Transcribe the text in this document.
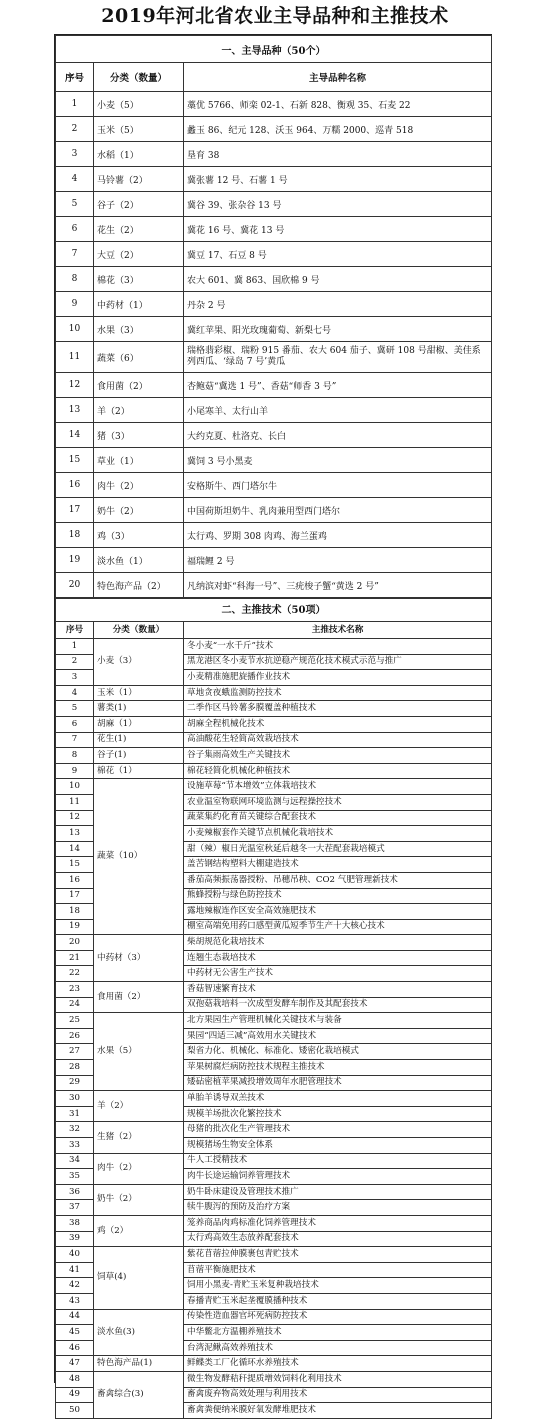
2019年河北省农业主导品种和主推技术
一、主导品种（50个）		
序号	分类（数量）	主导品种名称
1	小麦（5）	藁优 5766、师栾 02-1、石新 828、衡观 35、石麦 22
2	玉米（5）	蠡玉 86、纪元 128、沃玉 964、万糯 2000、巡青 518
3	水稻（1）	垦育 38
4	马铃薯（2）	冀张薯 12 号、石薯 1 号
5	谷子（2）	冀谷 39、张杂谷 13 号
6	花生（2）	冀花 16 号、冀花 13 号
7	大豆（2）	冀豆 17、石豆 8 号
8	棉花（3）	农大 601、冀 863、国欣棉 9 号
9	中药材（1）	丹杂 2 号
10	水果（3）	冀红苹果、阳光玫瑰葡萄、新梨七号
11	蔬菜（6）	瑞格翡彩椒、瑞粉 915 番茄、农大 604 茄子、冀研 108 号甜椒、美佳系列西瓜、‘绿岛 7 号’黄瓜
12	食用菌（2）	杏鲍菇“冀选 1 号”、香菇“师香 3 号”
13	羊（2）	小尾寒羊、太行山羊
14	猪（3）	大约克夏、杜洛克、长白
15	草业（1）	冀饲 3 号小黑麦
16	肉牛（2）	安格斯牛、西门塔尔牛
17	奶牛（2）	中国荷斯坦奶牛、乳肉兼用型西门塔尔
18	鸡（3）	太行鸡、罗期 308 肉鸡、海兰蛋鸡
19	淡水鱼（1）	福瑞鲤 2 号
20	特色海产品（2）	凡纳滨对虾“科海一号”、三疣梭子蟹“黄选 2 号”
二、主推技术（50项）		
序号	分类（数量）	主推技术名称
1	小麦（3）	冬小麦“一水千斤”技术
2		黑龙港区冬小麦节水抗逆稳产规范化技术模式示范与推广
3		小麦精准施肥旋播作业技术
4	玉米（1）	草地贪夜蛾监测防控技术
5	薯类(1)	二季作区马铃薯多膜覆盖种植技术
6	胡麻（1）	胡麻全程机械化技术
7	花生(1)	高油酸花生轻简高效栽培技术
8	谷子(1)	谷子集雨高效生产关键技术
9	棉花（1）	棉花轻简化机械化种植技术
10	蔬菜（10）	设施草莓“节本增效”立体栽培技术
11		农业温室物联网环境监测与远程操控技术
12		蔬菜集约化育苗关键综合配套技术
13		小麦辣椒套作关键节点机械化栽培技术
14		甜（辣）椒日光温室秋延后越冬一大茬配套栽培模式
15		盖苦钢结构塑料大棚建造技术
16		番茄高频振荡器授粉、吊穗吊秧、CO2 气肥管理新技术
17		熊蜂授粉与绿色防控技术
18		露地辣椒连作区安全高效施肥技术
19		棚室高端免用药口感型黄瓜短季节生产十大核心技术
20	中药材（3）	柴胡规范化栽培技术
21		连翘生态栽培技术
22		中药材无公害生产技术
23	食用菌（2）	香菇智速繁育技术
24		双孢菇栽培料一次成型发酵车制作及其配套技术
25	水果（5）	北方果园生产管理机械化关键技术与装备
26		果园“四适三减”高效用水关键技术
27		梨省力化、机械化、标准化、矮密化栽培模式
28		苹果树腐烂病防控技术规程主推技术
29		矮砧密植苹果减投增效周年水肥管理技术
30	羊（2）	单胎羊诱导双羔技术
31		规模羊场批次化繁控技术
32	生猪（2）	母猪的批次化生产管理技术
33		规模猪场生物安全体系
34	肉牛（2）	牛人工授精技术
35		肉牛长途运输饲养管理技术
36	奶牛（2）	奶牛卧床建设及管理技术推广
37		犊牛腹泻的预防及治疗方案
38	鸡（2）	笼养商品肉鸡标准化饲养管理技术
39		太行鸡高效生态放养配套技术
40	饲草(4)	紫花苜蓿拉伸膜裹包青贮技术
41		苜蓿平衡施肥技术
42		饲用小黑麦-青贮玉米复种栽培技术
43		春播青贮玉米起垄覆膜播种技术
44	淡水鱼(3)	传染性造血器官坏死病防控技术
45		中华鳖北方温棚养殖技术
46		台湾泥鳅高效养殖技术
47	特色海产品(1)	鲜鲽类工厂化循环水养殖技术
48	畜禽综合(3)	微生物发酵秸秆提质增效饲料化利用技术
49		畜禽废弃物高效处理与利用技术
50		畜禽粪便纳米膜好氧发酵堆肥技术
